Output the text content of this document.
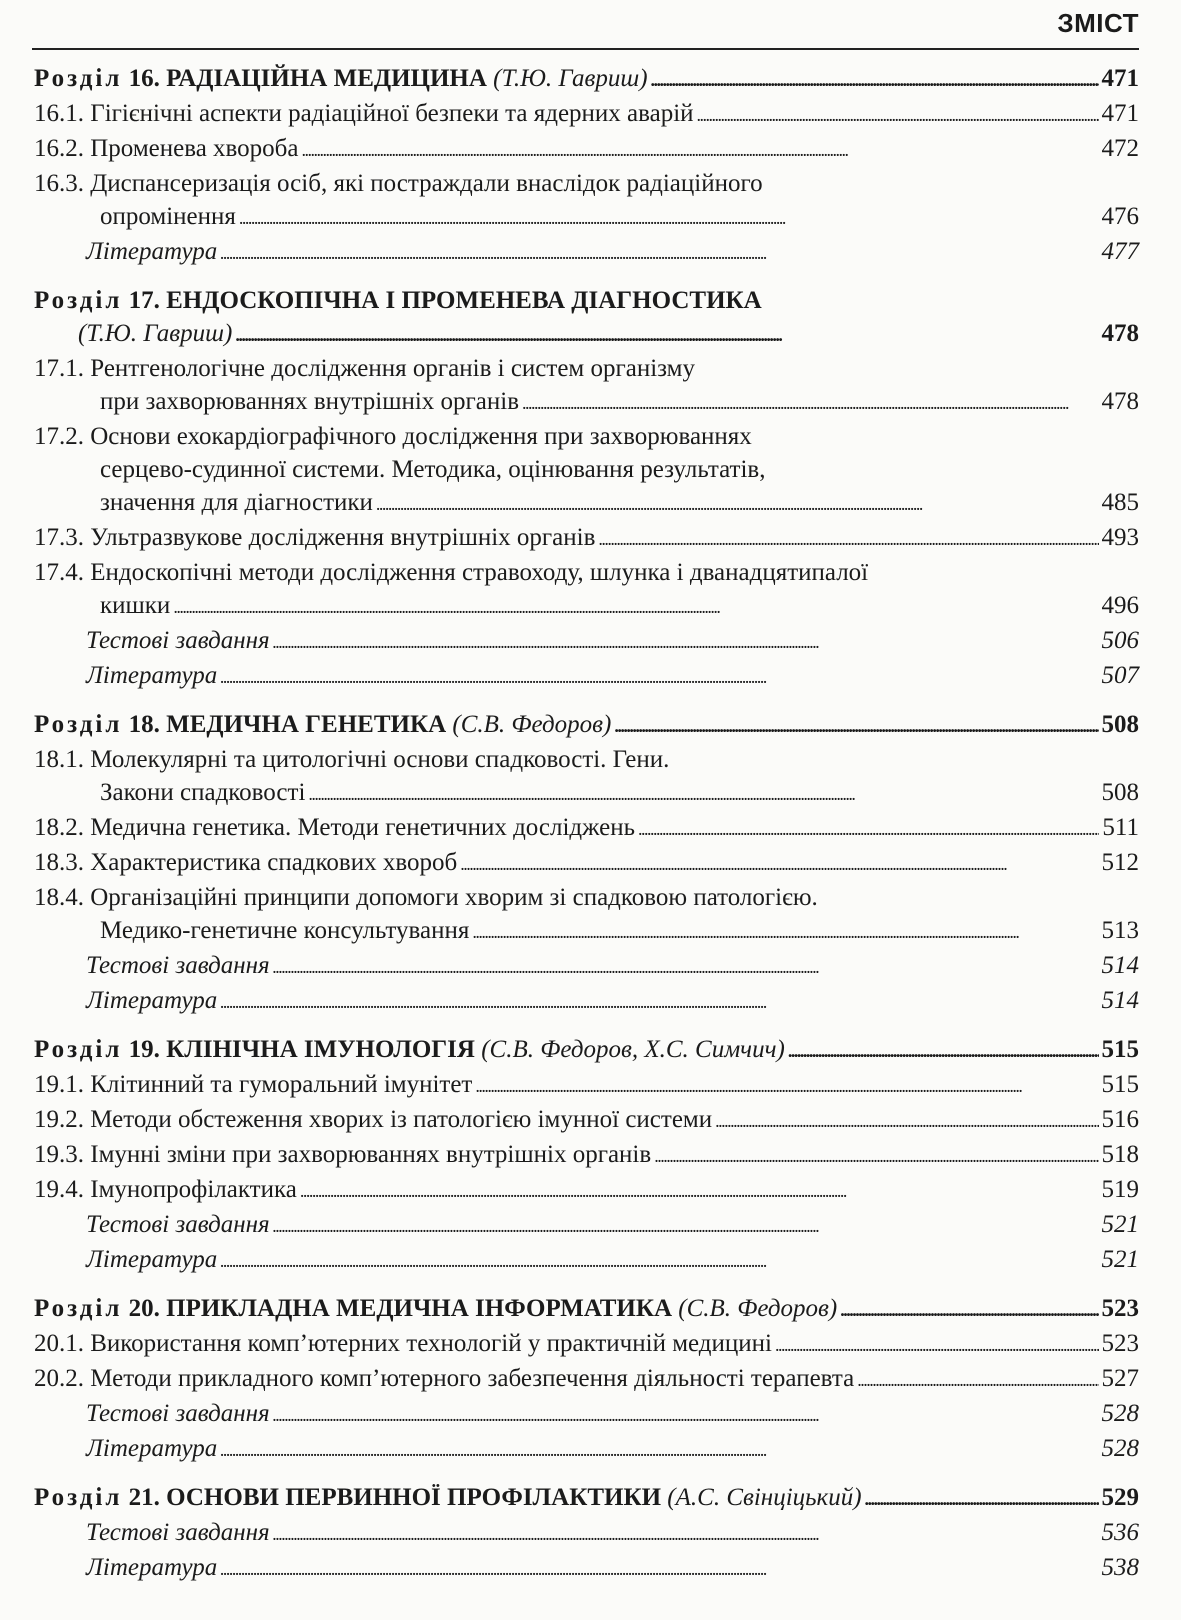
ЗМІСТ
Розділ 16. РАДІАЦІЙНА МЕДИЦИНА (Т.Ю. Гавриш) . . .	471
16.1. Гігієнічні аспекти радіаційної безпеки та ядерних аварій . . .	471
16.2. Променева хвороба . . .	472
16.3. Диспансеризація осіб, які постраждали внаслідок радіаційного
опромінення . . .	476
Література . . .	477
Розділ 17. ЕНДОСКОПІЧНА І ПРОМЕНЕВА ДІАГНОСТИКА
(Т.Ю. Гавриш) . . .	478
17.1. Рентгенологічне дослідження органів і систем організму
при захворюваннях внутрішніх органів . . .	478
17.2. Основи ехокардіографічного дослідження при захворюваннях
серцево-судинної системи. Методика, оцінювання результатів,
значення для діагностики . . .	485
17.3. Ультразвукове дослідження внутрішніх органів . . .	493
17.4. Ендоскопічні методи дослідження стравоходу, шлунка і дванадцятипалої
кишки . . .	496
Тестові завдання . . .	506
Література . . .	507
Розділ 18. МЕДИЧНА ГЕНЕТИКА (С.В. Федоров) . . .	508
18.1. Молекулярні та цитологічні основи спадковості. Гени.
Закони спадковості . . .	508
18.2. Медична генетика. Методи генетичних досліджень . . .	511
18.3. Характеристика спадкових хвороб . . .	512
18.4. Організаційні принципи допомоги хворим зі спадковою патологією.
Медико-генетичне консультування . . .	513
Тестові завдання . . .	514
Література . . .	514
Розділ 19. КЛІНІЧНА ІМУНОЛОГІЯ (С.В. Федоров, Х.С. Симчич) . . .	515
19.1. Клітинний та гуморальний імунітет . . .	515
19.2. Методи обстеження хворих із патологією імунної системи . . .	516
19.3. Імунні зміни при захворюваннях внутрішніх органів . . .	518
19.4. Імунопрофілактика . . .	519
Тестові завдання . . .	521
Література . . .	521
Розділ 20. ПРИКЛАДНА МЕДИЧНА ІНФОРМАТИКА (С.В. Федоров) . . .	523
20.1. Використання комп’ютерних технологій у практичній медицині . . .	523
20.2. Методи прикладного комп’ютерного забезпечення діяльності терапевта . . .	527
Тестові завдання . . .	528
Література . . .	528
Розділ 21. ОСНОВИ ПЕРВИННОЇ ПРОФІЛАКТИКИ (А.С. Свінціцький) . . .	529
Тестові завдання . . .	536
Література . . .	538
